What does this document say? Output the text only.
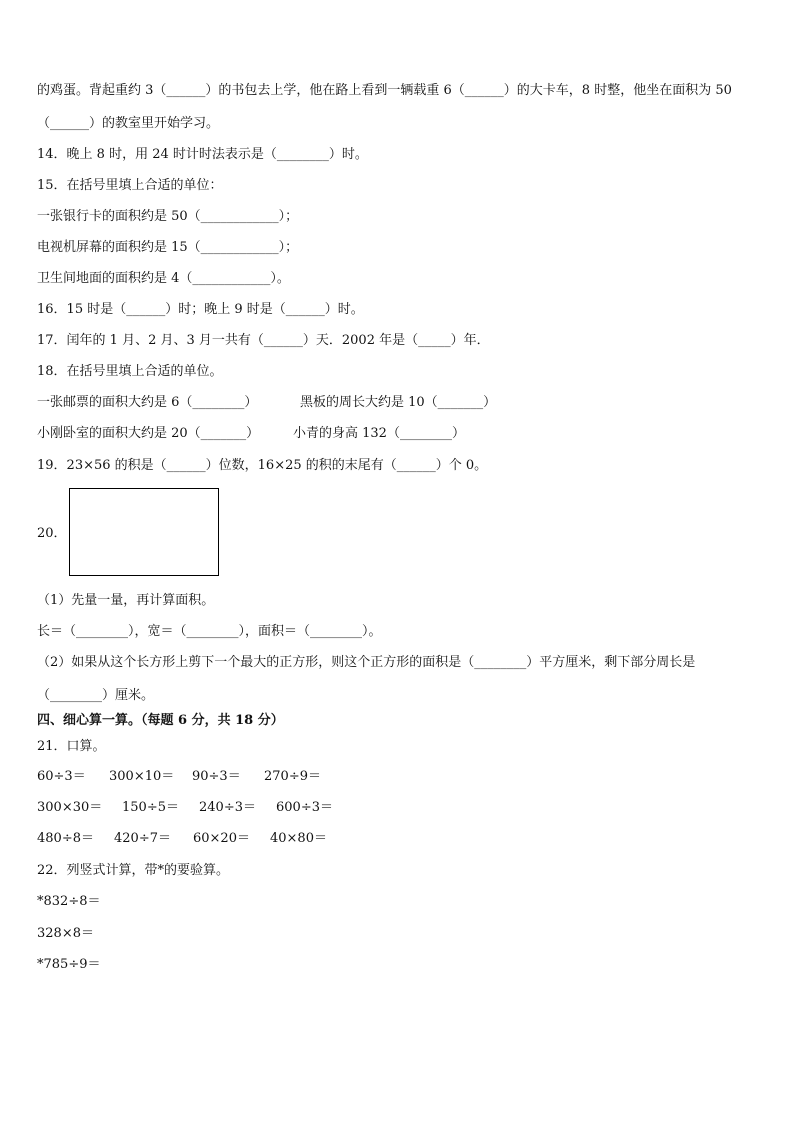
的鸡蛋。背起重约 3（______）的书包去上学，他在路上看到一辆载重 6（______）的大卡车，8 时整，他坐在面积为 50
（______）的教室里开始学习。
14．晚上 8 时，用 24 时计时法表示是（________）时。
15．在括号里填上合适的单位：
一张银行卡的面积约是 50（____________）；
电视机屏幕的面积约是 15（____________）；
卫生间地面的面积约是 4（____________）。
16．15 时是（______）时；晚上 9 时是（______）时。
17．闰年的 1 月、2 月、3 月一共有（______）天．2002 年是（_____）年．
18．在括号里填上合适的单位。
一张邮票的面积大约是 6（________）	黑板的周长大约是 10（_______）
小刚卧室的面积大约是 20（_______）	小青的身高 132（________）
19．23×56 的积是（______）位数，16×25 的积的末尾有（______）个 0。
20．
（1）先量一量，再计算面积。
长＝（________），宽＝（________），面积＝（________）。
（2）如果从这个长方形上剪下一个最大的正方形，则这个正方形的面积是（________）平方厘米，剩下部分周长是
（________）厘米。
四、细心算一算。（每题 6 分，共 18 分）
21．口算。
60÷3＝ 300×10＝ 90÷3＝ 270÷9＝
300×30＝ 150÷5＝ 240÷3＝ 600÷3＝
480÷8＝ 420÷7＝ 60×20＝ 40×80＝
22．列竖式计算，带*的要验算。
*832÷8＝
328×8＝
*785÷9＝
